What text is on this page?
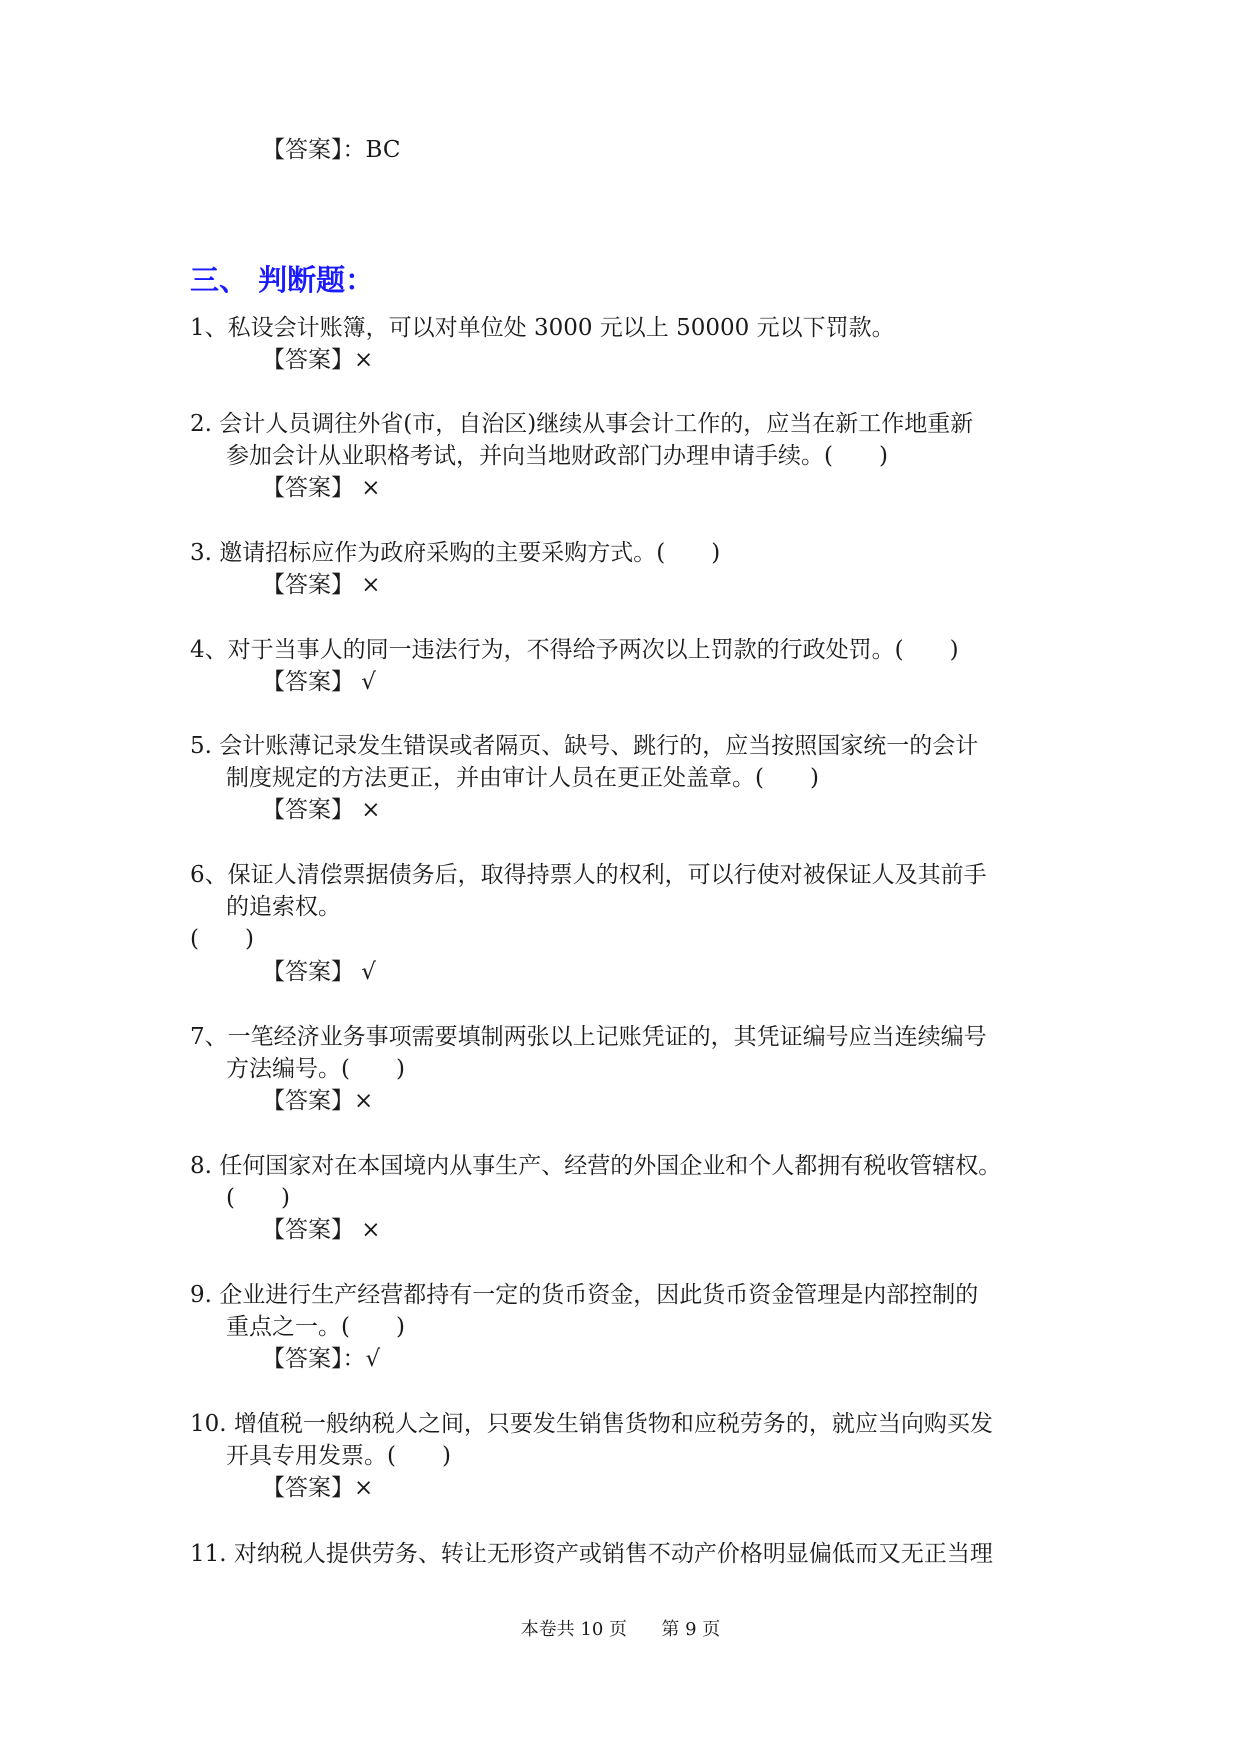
【答案】：BC
三、 判断题：
1、私设会计账簿，可以对单位处 3000 元以上 50000 元以下罚款。
【答案】×
2. 会计人员调往外省(市，自治区)继续从事会计工作的，应当在新工作地重新
参加会计从业职格考试，并向当地财政部门办理申请手续。(　　)
【答案】 ×
3. 邀请招标应作为政府采购的主要采购方式。(　　)
【答案】 ×
4、对于当事人的同一违法行为，不得给予两次以上罚款的行政处罚。(　　)
【答案】 √
5. 会计账薄记录发生错误或者隔页、缺号、跳行的，应当按照国家统一的会计
制度规定的方法更正，并由审计人员在更正处盖章。(　　)
【答案】 ×
6、保证人清偿票据债务后，取得持票人的权利，可以行使对被保证人及其前手
的追索权。
(　　)
【答案】 √
7、一笔经济业务事项需要填制两张以上记账凭证的，其凭证编号应当连续编号
方法编号。(　　)
【答案】×
8. 任何国家对在本国境内从事生产、经营的外国企业和个人都拥有税收管辖权。
(　　)
【答案】 ×
9. 企业进行生产经营都持有一定的货币资金，因此货币资金管理是内部控制的
重点之一。(　　)
【答案】：√
10. 增值税一般纳税人之间，只要发生销售货物和应税劳务的，就应当向购买发
开具专用发票。(　　)
【答案】×
11. 对纳税人提供劳务、转让无形资产或销售不动产价格明显偏低而又无正当理
本卷共 10 页 第 9 页
